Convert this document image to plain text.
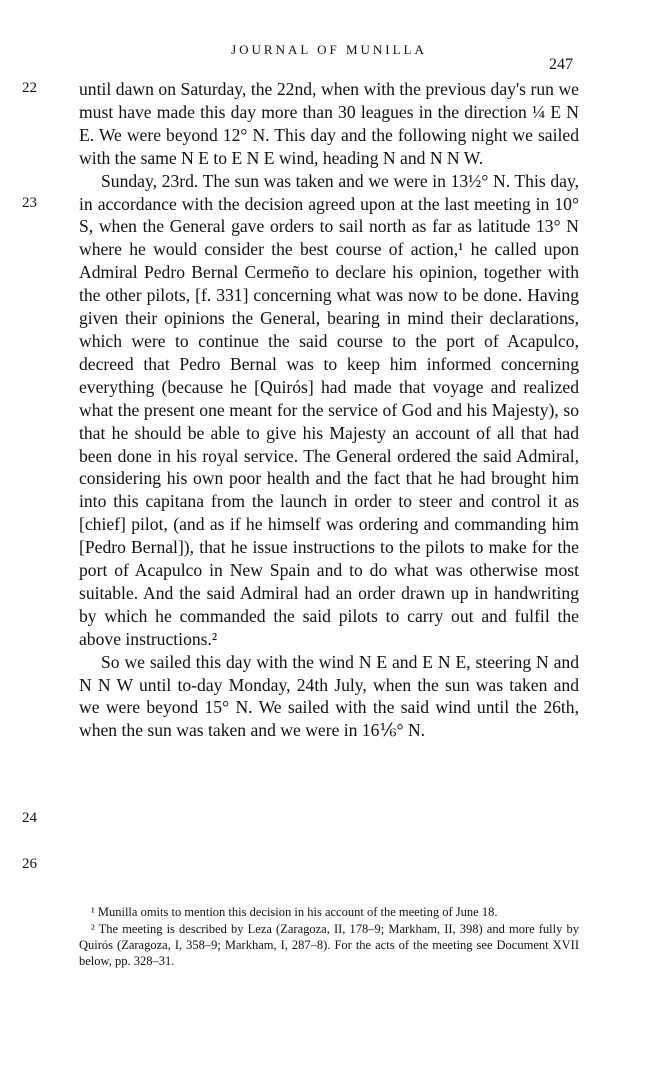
JOURNAL OF MUNILLA
247
22
23
24
26

until dawn on Saturday, the 22nd, when with the previous day's run we must have made this day more than 30 leagues in the direction ¼ E N E. We were beyond 12° N. This day and the following night we sailed with the same N E to E N E wind, heading N and N N W.

Sunday, 23rd. The sun was taken and we were in 13½° N. This day, in accordance with the decision agreed upon at the last meeting in 10° S, when the General gave orders to sail north as far as latitude 13° N where he would consider the best course of action,¹ he called upon Admiral Pedro Bernal Cermeño to declare his opinion, together with the other pilots, [f. 331] concerning what was now to be done. Having given their opinions the General, bearing in mind their declarations, which were to continue the said course to the port of Acapulco, decreed that Pedro Bernal was to keep him informed concerning everything (because he [Quirós] had made that voyage and realized what the present one meant for the service of God and his Majesty), so that he should be able to give his Majesty an account of all that had been done in his royal service. The General ordered the said Admiral, considering his own poor health and the fact that he had brought him into this capitana from the launch in order to steer and control it as [chief] pilot, (and as if he himself was ordering and commanding him [Pedro Bernal]), that he issue instructions to the pilots to make for the port of Acapulco in New Spain and to do what was otherwise most suitable. And the said Admiral had an order drawn up in handwriting by which he commanded the said pilots to carry out and fulfil the above instructions.²

So we sailed this day with the wind N E and E N E, steering N and N N W until to-day Monday, 24th July, when the sun was taken and we were beyond 15° N. We sailed with the said wind until the 26th, when the sun was taken and we were in 16⅙° N.

¹ Munilla omits to mention this decision in his account of the meeting of June 18.

² The meeting is described by Leza (Zaragoza, II, 178–9; Markham, II, 398) and more fully by Quirós (Zaragoza, I, 358–9; Markham, I, 287–8). For the acts of the meeting see Document XVII below, pp. 328–31.
